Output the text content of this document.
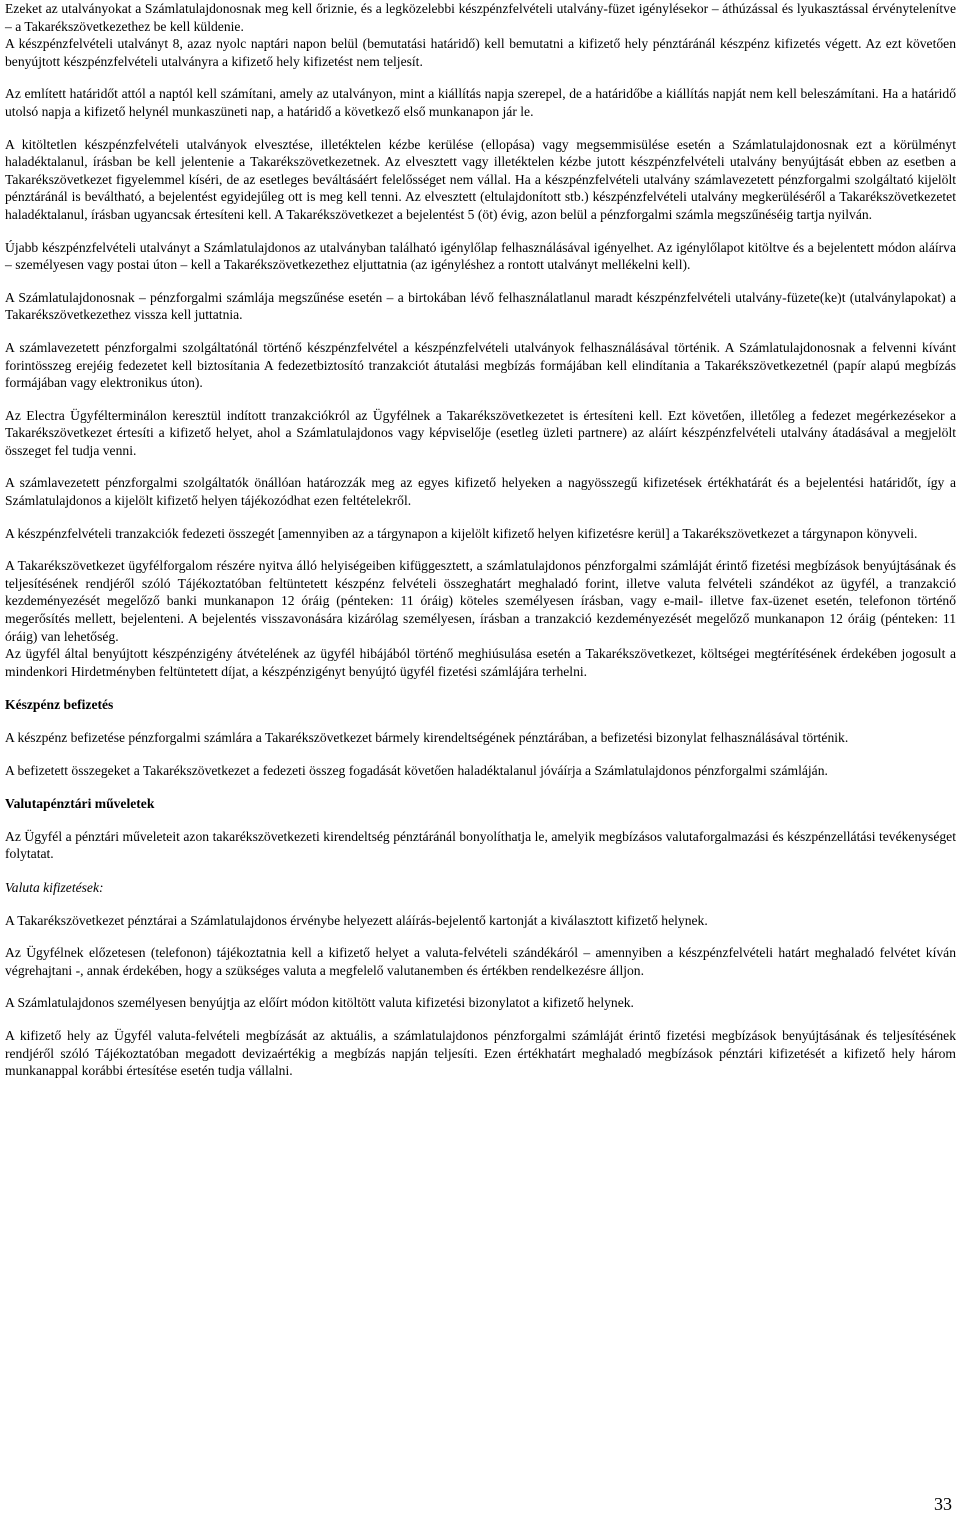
Ezeket az utalványokat a Számlatulajdonosnak meg kell őriznie, és a legközelebbi készpénzfelvételi utalvány-füzet igénylésekor – áthúzással és lyukasztással érvénytelenítve – a Takarékszövetkezethez be kell küldenie.

A készpénzfelvételi utalványt 8, azaz nyolc naptári napon belül (bemutatási határidő) kell bemutatni a kifizető hely pénztáránál készpénz kifizetés végett. Az ezt követően benyújtott készpénzfelvételi utalványra a kifizető hely kifizetést nem teljesít.

Az említett határidőt attól a naptól kell számítani, amely az utalványon, mint a kiállítás napja szerepel, de a határidőbe a kiállítás napját nem kell beleszámítani. Ha a határidő utolsó napja a kifizető helynél munkaszüneti nap, a határidő a következő első munkanapon jár le.

A kitöltetlen készpénzfelvételi utalványok elvesztése, illetéktelen kézbe kerülése (ellopása) vagy megsemmisülése esetén a Számlatulajdonosnak ezt a körülményt haladéktalanul, írásban be kell jelentenie a Takarékszövetkezetnek. Az elvesztett vagy illetéktelen kézbe jutott készpénzfelvételi utalvány benyújtását ebben az esetben a Takarékszövetkezet figyelemmel kíséri, de az esetleges beváltásáért felelősséget nem vállal. Ha a készpénzfelvételi utalvány számlavezetett pénzforgalmi szolgáltató kijelölt pénztáránál is beváltható, a bejelentést egyidejűleg ott is meg kell tenni. Az elvesztett (eltulajdonított stb.) készpénzfelvételi utalvány megkerüléséről a Takarékszövetkezetet haladéktalanul, írásban ugyancsak értesíteni kell. A Takarékszövetkezet a bejelentést 5 (öt) évig, azon belül a pénzforgalmi számla megszűnéséig tartja nyilván.

Újabb készpénzfelvételi utalványt a Számlatulajdonos az utalványban található igénylőlap felhasználásával igényelhet. Az igénylőlapot kitöltve és a bejelentett módon aláírva – személyesen vagy postai úton – kell a Takarékszövetkezethez eljuttatnia (az igényléshez a rontott utalványt mellékelni kell).

A Számlatulajdonosnak – pénzforgalmi számlája megszűnése esetén – a birtokában lévő felhasználatlanul maradt készpénzfelvételi utalvány-füzete(ke)t (utalványlapokat) a Takarékszövetkezethez vissza kell juttatnia.

A számlavezetett pénzforgalmi szolgáltatónál történő készpénzfelvétel a készpénzfelvételi utalványok felhasználásával történik. A Számlatulajdonosnak a felvenni kívánt forintösszeg erejéig fedezetet kell biztosítania A fedezetbiztosító tranzakciót átutalási megbízás formájában kell elindítania a Takarékszövetkezetnél (papír alapú megbízás formájában vagy elektronikus úton).

Az Electra Ügyfélterminálon keresztül indított tranzakciókról az Ügyfélnek a Takarékszövetkezetet is értesíteni kell. Ezt követően, illetőleg a fedezet megérkezésekor a Takarékszövetkezet értesíti a kifizető helyet, ahol a Számlatulajdonos vagy képviselője (esetleg üzleti partnere) az aláírt készpénzfelvételi utalvány átadásával a megjelölt összeget fel tudja venni.

A számlavezetett pénzforgalmi szolgáltatók önállóan határozzák meg az egyes kifizető helyeken a nagyösszegű kifizetések értékhatárát és a bejelentési határidőt, így a Számlatulajdonos a kijelölt kifizető helyen tájékozódhat ezen feltételekről.

A készpénzfelvételi tranzakciók fedezeti összegét [amennyiben az a tárgynapon a kijelölt kifizető helyen kifizetésre kerül] a Takarékszövetkezet a tárgynapon könyveli.

A Takarékszövetkezet ügyfélforgalom részére nyitva álló helyiségeiben kifüggesztett, a számlatulajdonos pénzforgalmi számláját érintő fizetési megbízások benyújtásának és teljesítésének rendjéről szóló Tájékoztatóban feltüntetett készpénz felvételi összeghatárt meghaladó forint, illetve valuta felvételi szándékot az ügyfél, a tranzakció kezdeményezését megelőző banki munkanapon 12 óráig (pénteken: 11 óráig) köteles személyesen írásban, vagy e-mail- illetve fax-üzenet esetén, telefonon történő megerősítés mellett, bejelenteni. A bejelentés visszavonására kizárólag személyesen, írásban a tranzakció kezdeményezését megelőző munkanapon 12 óráig (pénteken: 11 óráig) van lehetőség.

Az ügyfél által benyújtott készpénzigény átvételének az ügyfél hibájából történő meghiúsulása esetén a Takarékszövetkezet, költségei megtérítésének érdekében jogosult a mindenkori Hirdetményben feltüntetett díjat, a készpénzigényt benyújtó ügyfél fizetési számlájára terhelni.

Készpénz befizetés

A készpénz befizetése pénzforgalmi számlára a Takarékszövetkezet bármely kirendeltségének pénztárában, a befizetési bizonylat felhasználásával történik.

A befizetett összegeket a Takarékszövetkezet a fedezeti összeg fogadását követően haladéktalanul jóváírja a Számlatulajdonos pénzforgalmi számláján.

Valutapénztári műveletek

Az Ügyfél a pénztári műveleteit azon takarékszövetkezeti kirendeltség pénztáránál bonyolíthatja le, amelyik megbízásos valutaforgalmazási és készpénzellátási tevékenységet folytatat.

Valuta kifizetések:

A Takarékszövetkezet pénztárai a Számlatulajdonos érvénybe helyezett aláírás-bejelentő kartonját a kiválasztott kifizető helynek.

Az Ügyfélnek előzetesen (telefonon) tájékoztatnia kell a kifizető helyet a valuta-felvételi szándékáról – amennyiben a készpénzfelvételi határt meghaladó felvétet kíván végrehajtani -, annak érdekében, hogy a szükséges valuta a megfelelő valutanemben és értékben rendelkezésre álljon.

A Számlatulajdonos személyesen benyújtja az előírt módon kitöltött valuta kifizetési bizonylatot a kifizető helynek.

A kifizető hely az Ügyfél valuta-felvételi megbízását az aktuális, a számlatulajdonos pénzforgalmi számláját érintő fizetési megbízások benyújtásának és teljesítésének rendjéről szóló Tájékoztatóban megadott devizaértékig a megbízás napján teljesíti. Ezen értékhatárt meghaladó megbízások pénztári kifizetését a kifizető hely három munkanappal korábbi értesítése esetén tudja vállalni.

33
